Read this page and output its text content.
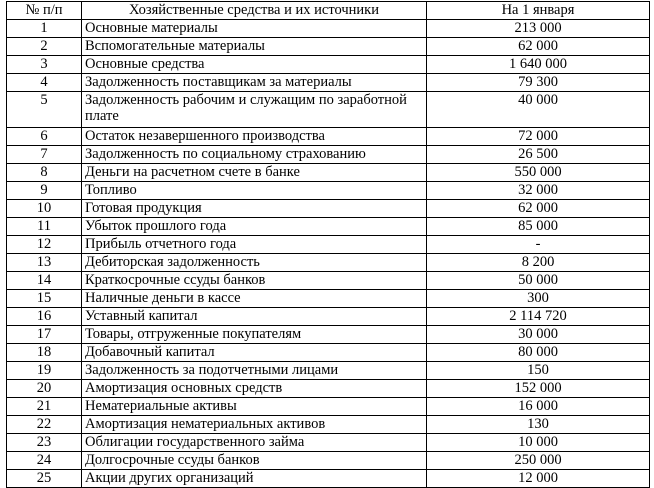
№ п/п	Хозяйственные средства и их источники	На 1 января
1	Основные материалы	213 000
2	Вспомогательные материалы	62 000
3	Основные средства	1 640 000
4	Задолженность поставщикам за материалы	79 300
5	Задолженность рабочим и служащим по заработной плате	40 000
6	Остаток незавершенного производства	72 000
7	Задолженность по социальному страхованию	26 500
8	Деньги на расчетном счете в банке	550 000
9	Топливо	32 000
10	Готовая продукция	62 000
11	Убыток прошлого года	85 000
12	Прибыль отчетного года	-
13	Дебиторская задолженность	8 200
14	Краткосрочные ссуды банков	50 000
15	Наличные деньги в кассе	300
16	Уставный капитал	2 114 720
17	Товары, отгруженные покупателям	30 000
18	Добавочный капитал	80 000
19	Задолженность за подотчетными лицами	150
20	Амортизация основных средств	152 000
21	Нематериальные активы	16 000
22	Амортизация нематериальных активов	130
23	Облигации государственного займа	10 000
24	Долгосрочные ссуды банков	250 000
25	Акции других организаций	12 000
